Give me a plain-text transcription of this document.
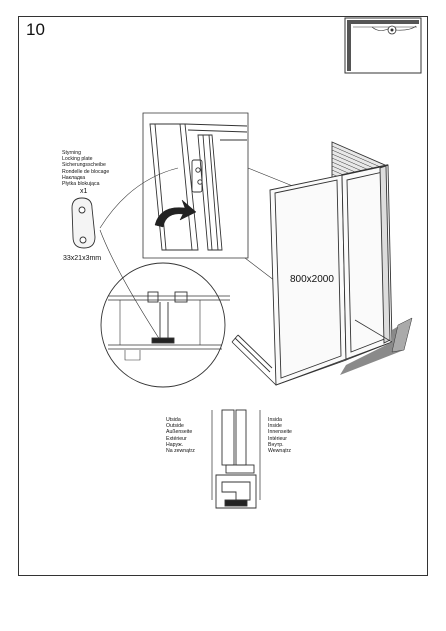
10
Styrning
Locking plate
Sicherungsscheibe
Rondelle de blocage
Накладка
Płytka blokująca
x1
33x21x3mm
800x2000
Utsida
Outside
Außenseite
Extérieur
Наруж.
Na zewnątrz
Insida
Inside
Innenseite
Intérieur
Внутр.
Wewnątrz
